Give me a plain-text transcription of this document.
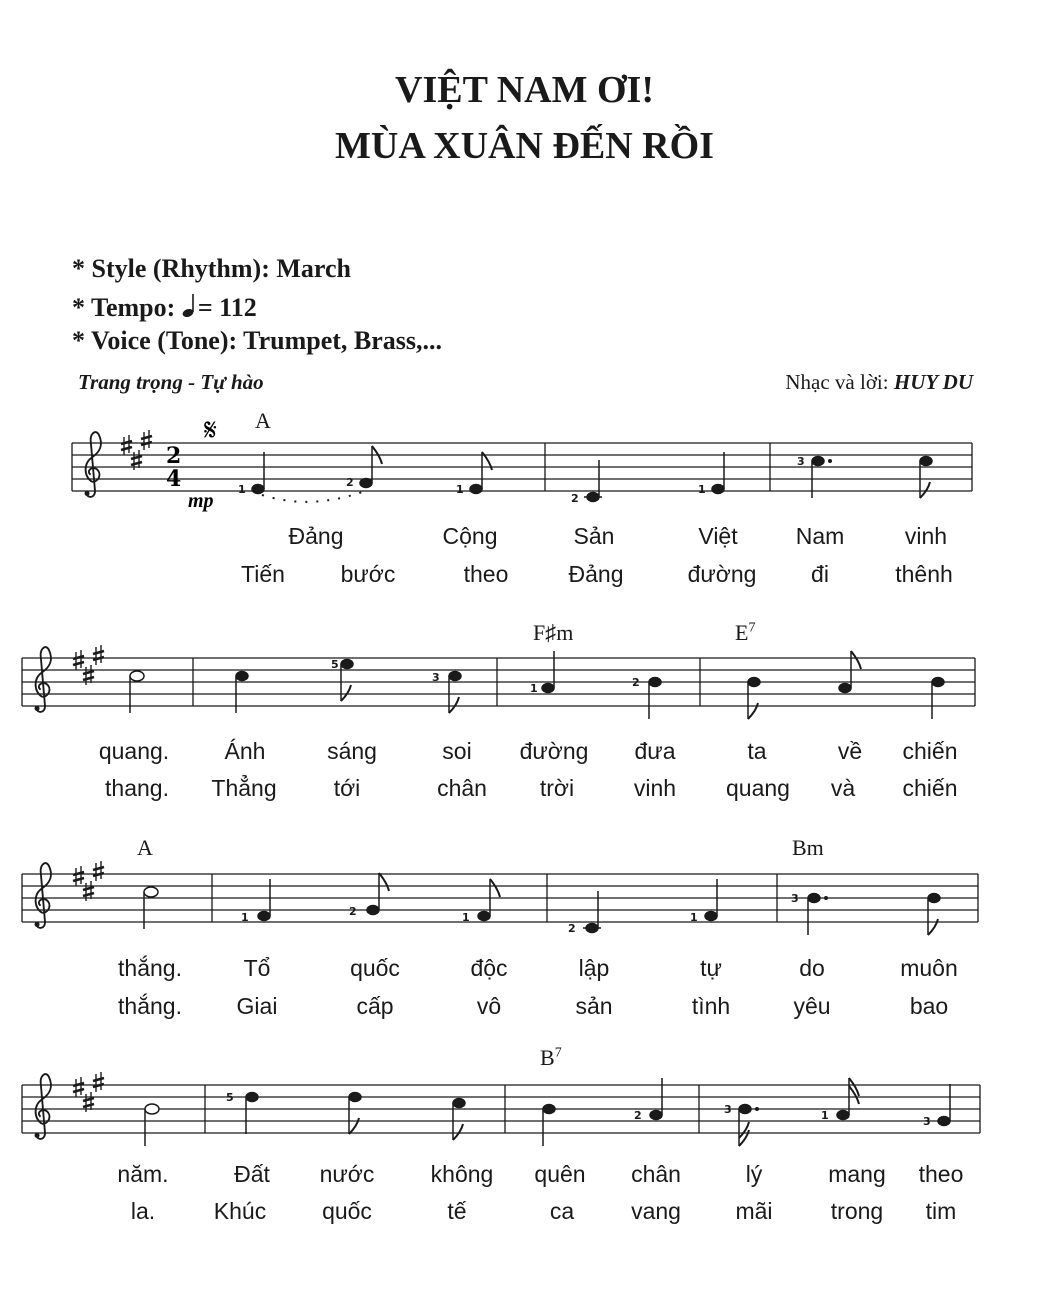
VIỆT NAM ƠI!
MÙA XUÂN ĐẾN RỒI
* Style (Rhythm): March
* Tempo: = 112
* Voice (Tone): Trumpet, Brass,...
Trang trọng - Tự hào	Nhạc và lời: HUY DU
2
4
𝄋
mp
1
2
1
2
1
3
5
3
1	2
1	2	1
2
1
3
5
2	3	1	3
A
F♯m	$E^7$
A	Bm
$B^7$
Đảng	Cộng	Sản	Việt	Nam	vinh
Tiến bước	theo	Đảng	đường đi	thênh
quang. Ánh	sáng	soi đường đưa	ta	về chiến
thang. Thẳng tới	chân trời	vinh quang và chiến
thắng.	Tổ	quốc	độc	lập	tự	do	muôn
thắng. Giai	cấp	vô	sản	tình	yêu	bao
năm.	Đất nước không quên chân	lý	mang theo
la.	Khúc quốc	tế	ca vang mãi	trong tim
